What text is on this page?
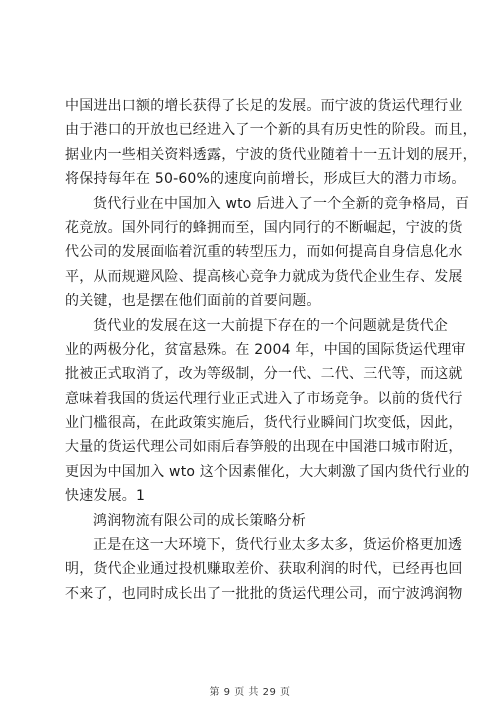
中国进出口额的增长获得了长足的发展。而宁波的货运代理行业
由于港口的开放也已经进入了一个新的具有历史性的阶段。而且，
据业内一些相关资料透露，宁波的货代业随着十一五计划的展开，
将保持每年在 50-60%的速度向前增长，形成巨大的潜力市场。
货代行业在中国加入 wto 后进入了一个全新的竞争格局，百
花竞放。国外同行的蜂拥而至，国内同行的不断崛起，宁波的货
代公司的发展面临着沉重的转型压力，而如何提高自身信息化水
平，从而规避风险、提高核心竞争力就成为货代企业生存、发展
的关键，也是摆在他们面前的首要问题。
货代业的发展在这一大前提下存在的一个问题就是货代企
业的两极分化，贫富悬殊。在 2004 年，中国的国际货运代理审
批被正式取消了，改为等级制，分一代、二代、三代等，而这就
意味着我国的货运代理行业正式进入了市场竞争。以前的货代行
业门槛很高，在此政策实施后，货代行业瞬间门坎变低，因此，
大量的货运代理公司如雨后春笋般的出现在中国港口城市附近，
更因为中国加入 wto 这个因素催化，大大刺激了国内货代行业的
快速发展。1
鸿润物流有限公司的成长策略分析
正是在这一大环境下，货代行业太多太多，货运价格更加透
明，货代企业通过投机赚取差价、获取利润的时代，已经再也回
不来了，也同时成长出了一批批的货运代理公司，而宁波鸿润物
第 9 页 共 29 页
